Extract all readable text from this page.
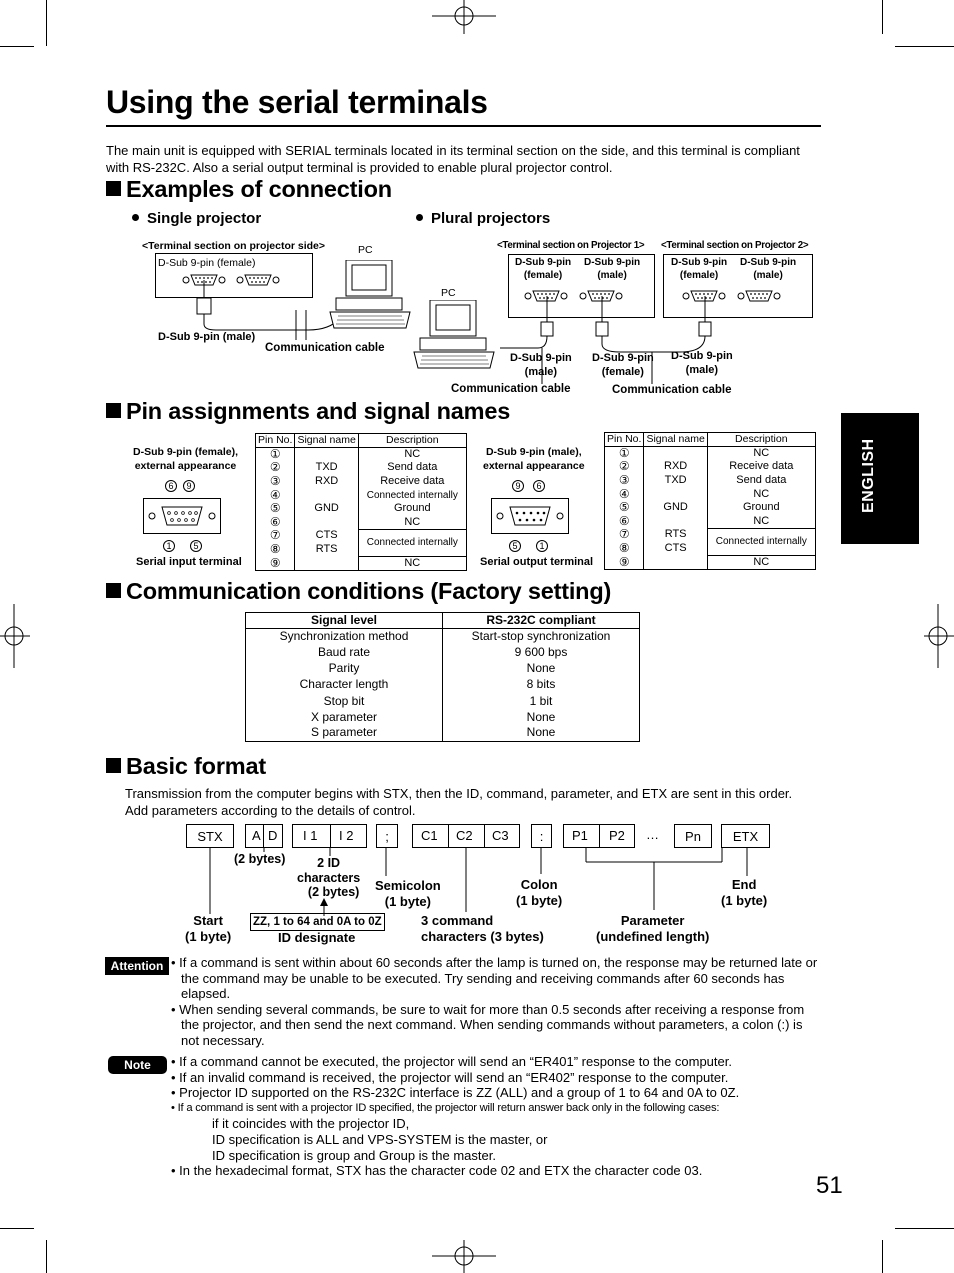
Using the serial terminals
The main unit is equipped with SERIAL terminals located in its terminal section on the side, and this terminal is compliant with RS-232C. Also a serial output terminal is provided to enable plural projector control.
ENGLISH
Examples of connection
Single projector	Plural projectors
<Terminal section on projector side>
D-Sub 9-pin (female)
PC
D-Sub 9-pin (male)
Communication cable
<Terminal section on Projector 1> <Terminal section on Projector 2>
D-Sub 9-pin
(female)
D-Sub 9-pin
(male)
D-Sub 9-pin
(female)
D-Sub 9-pin
(male)
PC
D-Sub 9-pin
(male)
D-Sub 9-pin
(female)
D-Sub 9-pin
(male)
Communication cable	Communication cable
Pin assignments and signal names
D-Sub 9-pin (female),
external appearance
6 9
1 5
Serial input terminal
Pin No.	Signal name	Description
①		NC
②	TXD	Send data
③	RXD	Receive data
④		Connected internally
⑤	GND	Ground
⑥		NC
⑦	CTS	Connected internally
⑧	RTS	
⑨		NC
D-Sub 9-pin (male),
external appearance
9 6
5 1
Serial output terminal
Pin No.	Signal name	Description
①		NC
②	RXD	Receive data
③	TXD	Send data
④		NC
⑤	GND	Ground
⑥		NC
⑦	RTS	Connected internally
⑧	CTS	
⑨		NC
Communication conditions (Factory setting)
Signal level	RS-232C compliant
Synchronization method	Start-stop synchronization
Baud rate	9 600 bps
Parity	None
Character length	8 bits
Stop bit	1 bit
X parameter	None
S parameter	None
Basic format
Transmission from the computer begins with STX, then the ID, command, parameter, and ETX are sent in this order. Add parameters according to the details of control.
STX	A D I 1 I 2	;	C1 C2 C3	:	P1 P2 …	Pn	ETX
(2 bytes)	2 ID
characters
(2 bytes) Semicolon
(1 byte)
Colon
(1 byte)
End
(1 byte)
Start
(1 byte)
ZZ, 1 to 64 and 0A to 0Z
ID designate
3 command
characters (3 bytes)
Parameter
(undefined length)
Attention • If a command is sent within about 60 seconds after the lamp is turned on, the response may be returned late or the command may be unable to be executed. Try sending and receiving commands after 60 seconds has elapsed.
• When sending several commands, be sure to wait for more than 0.5 seconds after receiving a response from the projector, and then send the next command. When sending commands without parameters, a colon (:) is not necessary.
Note	• If a command cannot be executed, the projector will send an “ER401” response to the computer.
• If an invalid command is received, the projector will send an “ER402” response to the computer.
• Projector ID supported on the RS-232C interface is ZZ (ALL) and a group of 1 to 64 and 0A to 0Z.
• If a command is sent with a projector ID specified, the projector will return answer back only in the following cases:
if it coincides with the projector ID,
ID specification is ALL and VPS-SYSTEM is the master, or
ID specification is group and Group is the master.
• In the hexadecimal format, STX has the character code 02 and ETX the character code 03.
51
